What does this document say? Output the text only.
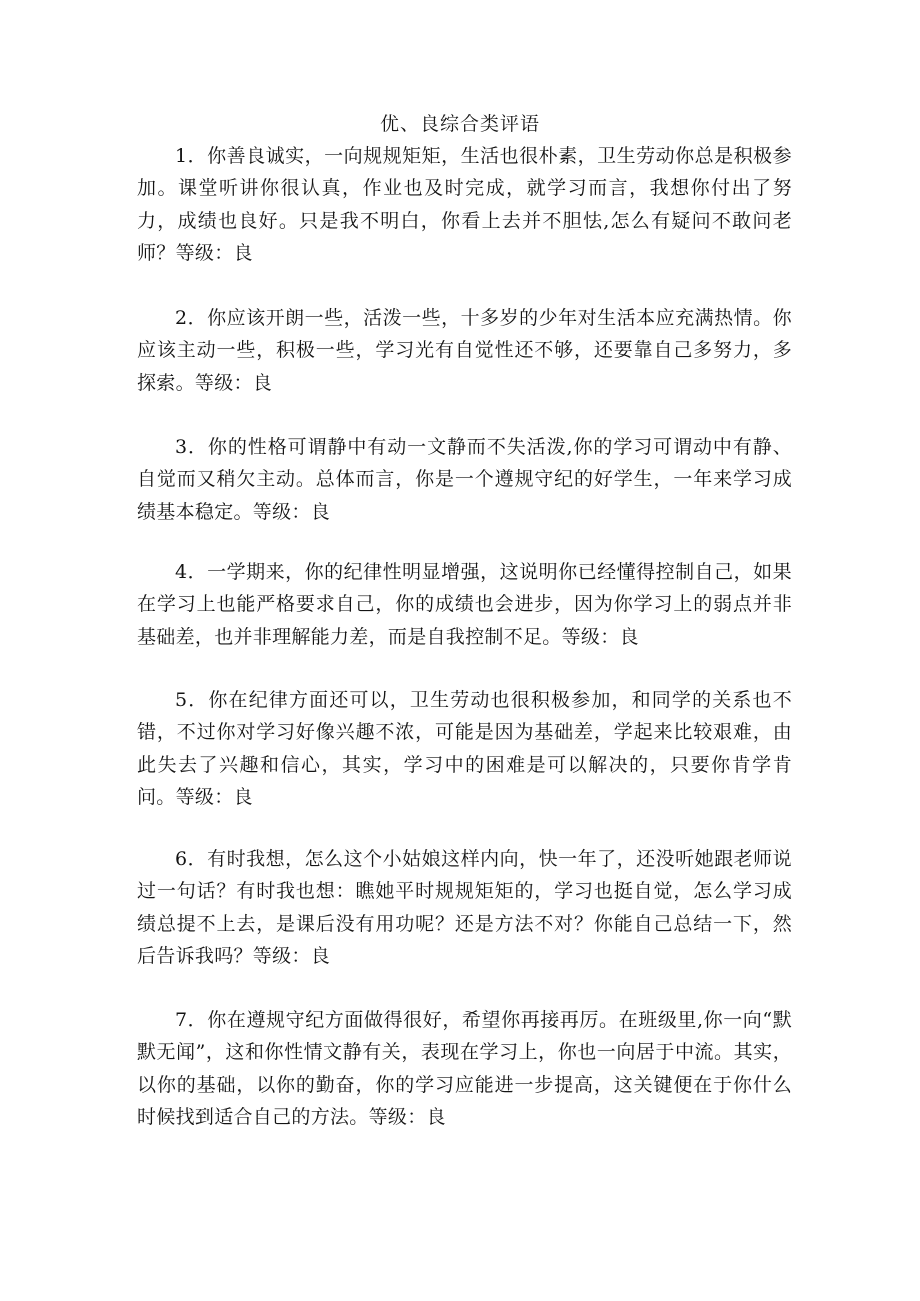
优、良综合类评语

1．你善良诚实，一向规规矩矩，生活也很朴素，卫生劳动你总是积极参加。课堂听讲你很认真，作业也及时完成，就学习而言，我想你付出了努力，成绩也良好。只是我不明白，你看上去并不胆怯,怎么有疑问不敢问老师？等级：良

2．你应该开朗一些，活泼一些，十多岁的少年对生活本应充满热情。你应该主动一些，积极一些，学习光有自觉性还不够，还要靠自己多努力，多探索。等级：良

3．你的性格可谓静中有动一文静而不失活泼,你的学习可谓动中有静、自觉而又稍欠主动。总体而言，你是一个遵规守纪的好学生，一年来学习成绩基本稳定。等级：良

4．一学期来，你的纪律性明显增强，这说明你已经懂得控制自己，如果在学习上也能严格要求自己，你的成绩也会进步，因为你学习上的弱点并非基础差，也并非理解能力差，而是自我控制不足。等级：良

5．你在纪律方面还可以，卫生劳动也很积极参加，和同学的关系也不错，不过你对学习好像兴趣不浓，可能是因为基础差，学起来比较艰难，由此失去了兴趣和信心，其实，学习中的困难是可以解决的，只要你肯学肯问。等级：良

6．有时我想，怎么这个小姑娘这样内向，快一年了，还没听她跟老师说过一句话？有时我也想：瞧她平时规规矩矩的，学习也挺自觉，怎么学习成绩总提不上去，是课后没有用功呢？还是方法不对？你能自己总结一下，然后告诉我吗？等级：良

7．你在遵规守纪方面做得很好，希望你再接再厉。在班级里,你一向“默默无闻”，这和你性情文静有关，表现在学习上，你也一向居于中流。其实，以你的基础，以你的勤奋，你的学习应能进一步提高，这关键便在于你什么时候找到适合自己的方法。等级：良
